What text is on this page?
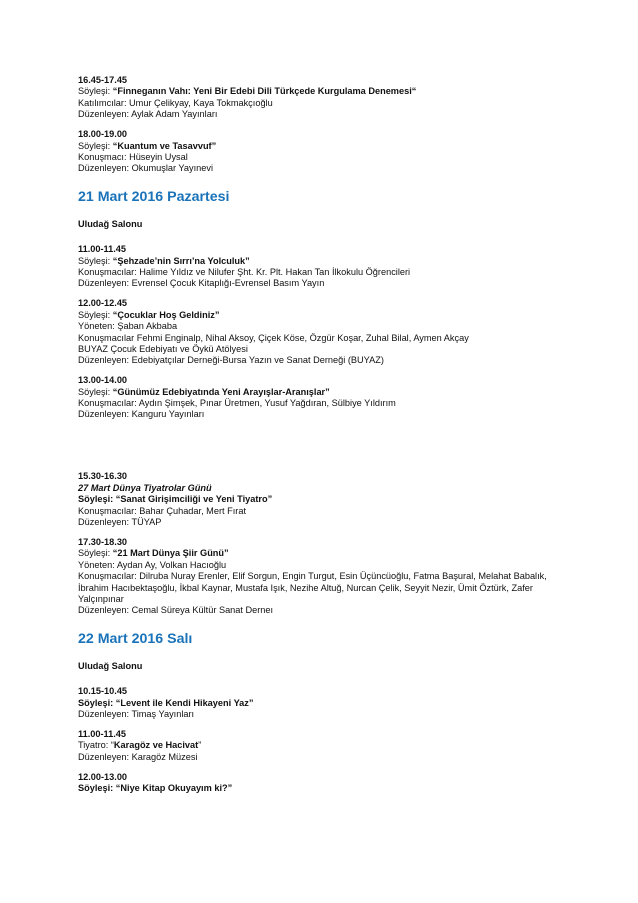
16.45-17.45
Söyleşi: “Finneganın Vahı: Yeni Bir Edebi Dili Türkçede Kurgulama Denemesi“
Katılımcılar: Umur Çelikyay, Kaya Tokmakçıoğlu
Düzenleyen: Aylak Adam Yayınları
18.00-19.00
Söyleşi: “Kuantum ve Tasavvuf”
Konuşmacı: Hüseyin Uysal
Düzenleyen: Okumuşlar Yayınevi
21 Mart 2016 Pazartesi
Uludağ Salonu
11.00-11.45
Söyleşi: “Şehzade’nin Sırrı’na Yolculuk”
Konuşmacılar: Halime Yıldız ve Nilufer Şht. Kr. Plt. Hakan Tan İlkokulu Öğrencileri
Düzenleyen: Evrensel Çocuk Kitaplığı-Evrensel Basım Yayın
12.00-12.45
Söyleşi: “Çocuklar Hoş Geldiniz”
Yöneten: Şaban Akbaba
Konuşmacılar Fehmi Enginalp, Nihal Aksoy, Çiçek Köse, Özgür Koşar, Zuhal Bilal, Aymen Akçay
BUYAZ Çocuk Edebiyatı ve Öykü Atölyesi
Düzenleyen: Edebiyatçılar Derneği-Bursa Yazın ve Sanat Derneği (BUYAZ)
13.00-14.00
Söyleşi: “Günümüz Edebiyatında Yeni Arayışlar-Aranışlar”
Konuşmacılar: Aydın Şimşek, Pınar Üretmen, Yusuf Yağdıran, Sülbiye Yıldırım
Düzenleyen: Kanguru Yayınları
15.30-16.30
27 Mart Dünya Tiyatrolar Günü
Söyleşi: “Sanat Girişimciliği ve Yeni Tiyatro”
Konuşmacılar: Bahar Çuhadar, Mert Fırat
Düzenleyen: TÜYAP
17.30-18.30
Söyleşi: “21 Mart Dünya Şiir Günü”
Yöneten: Aydan Ay, Volkan Hacıoğlu
Konuşmacılar: Dilruba Nuray Erenler, Elif Sorgun, Engin Turgut, Esin Üçüncüoğlu, Fatma Başural, Melahat Babalık, İbrahim Hacıbektaşoğlu, İkbal Kaynar, Mustafa Işık, Nezihe Altuğ, Nurcan Çelik, Seyyit Nezir, Ümit Öztürk, Zafer Yalçınpınar
Düzenleyen: Cemal Süreya Kültür Sanat Derneı
22 Mart 2016 Salı
Uludağ Salonu
10.15-10.45
Söyleşi: “Levent ile Kendi Hikayeni Yaz”
Düzenleyen: Timaş Yayınları
11.00-11.45
Tiyatro: “Karagöz ve Hacivat”
Düzenleyen: Karagöz Müzesi
12.00-13.00
Söyleşi: “Niye Kitap Okuyayım ki?”
